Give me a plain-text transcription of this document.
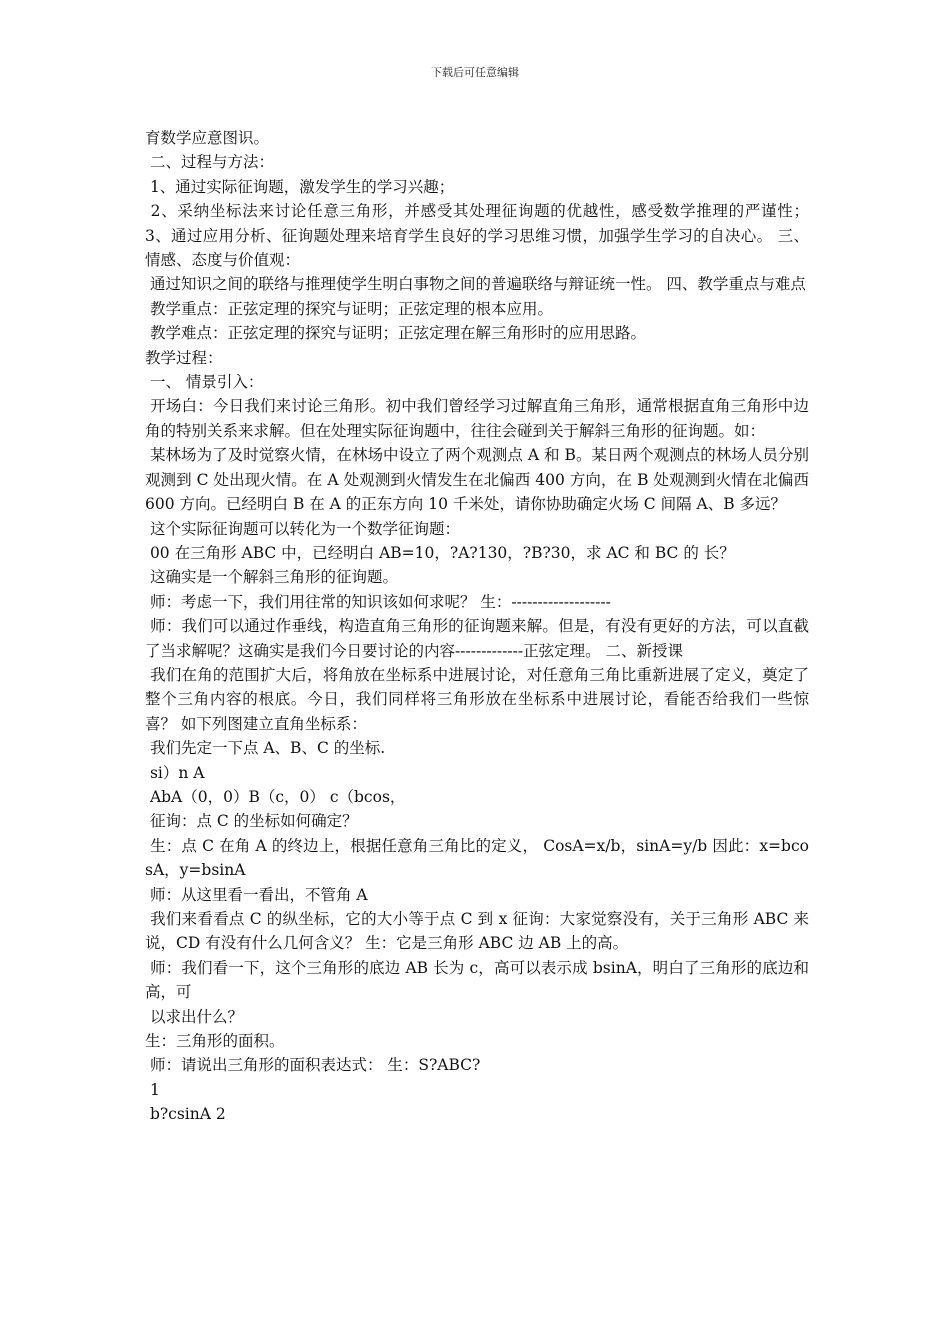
下载后可任意编辑

育数学应意图识。

二、过程与方法：

1、通过实际征询题，激发学生的学习兴趣；

2、采纳坐标法来讨论任意三角形，并感受其处理征询题的优越性，感受数学推理的严谨性； 3、通过应用分析、征询题处理来培育学生良好的学习思维习惯，加强学生学习的自决心。 三、情感、态度与价值观：

通过知识之间的联络与推理使学生明白事物之间的普遍联络与辩证统一性。 四、教学重点与难点

教学重点：正弦定理的探究与证明；正弦定理的根本应用。

教学难点：正弦定理的探究与证明；正弦定理在解三角形时的应用思路。

教学过程：

一、 情景引入：

开场白：今日我们来讨论三角形。初中我们曾经学习过解直角三角形，通常根据直角三角形中边角的特别关系来求解。但在处理实际征询题中，往往会碰到关于解斜三角形的征询题。如：

某林场为了及时觉察火情，在林场中设立了两个观测点 A 和 B。某日两个观测点的林场人员分别观测到 C 处出现火情。在 A 处观测到火情发生在北偏西 400 方向，在 B 处观测到火情在北偏西 600 方向。已经明白 B 在 A 的正东方向 10 千米处，请你协助确定火场 C 间隔 A、B 多远？

这个实际征询题可以转化为一个数学征询题：

00 在三角形 ABC 中，已经明白 AB=10，?A?130，?B?30，求 AC 和 BC 的 长？

这确实是一个解斜三角形的征询题。

师：考虑一下，我们用往常的知识该如何求呢？ 生：-------------------

师：我们可以通过作垂线，构造直角三角形的征询题来解。但是，有没有更好的方法，可以直截了当求解呢？这确实是我们今日要讨论的内容-------------正弦定理。 二、新授课

我们在角的范围扩大后，将角放在坐标系中进展讨论，对任意角三角比重新进展了定义，奠定了整个三角内容的根底。今日，我们同样将三角形放在坐标系中进展讨论，看能否给我们一些惊喜？ 如下列图建立直角坐标系：

我们先定一下点 A、B、C 的坐标.

si）n A

AbA（0，0）B（c，0） c（bcos，

征询：点 C 的坐标如何确定？

生：点 C 在角 A 的终边上，根据任意角三角比的定义， CosA=x/b，sinA=y/b 因此：x=bcosA，y=bsinA

师：从这里看一看出，不管角 A

我们来看看点 C 的纵坐标，它的大小等于点 C 到 x 征询：大家觉察没有，关于三角形 ABC 来说，CD 有没有什么几何含义？ 生：它是三角形 ABC 边 AB 上的高。

师：我们看一下，这个三角形的底边 AB 长为 c，高可以表示成 bsinA，明白了三角形的底边和高，可

以求出什么？

生：三角形的面积。

师：请说出三角形的面积表达式： 生：S?ABC?

1

b?csinA 2
